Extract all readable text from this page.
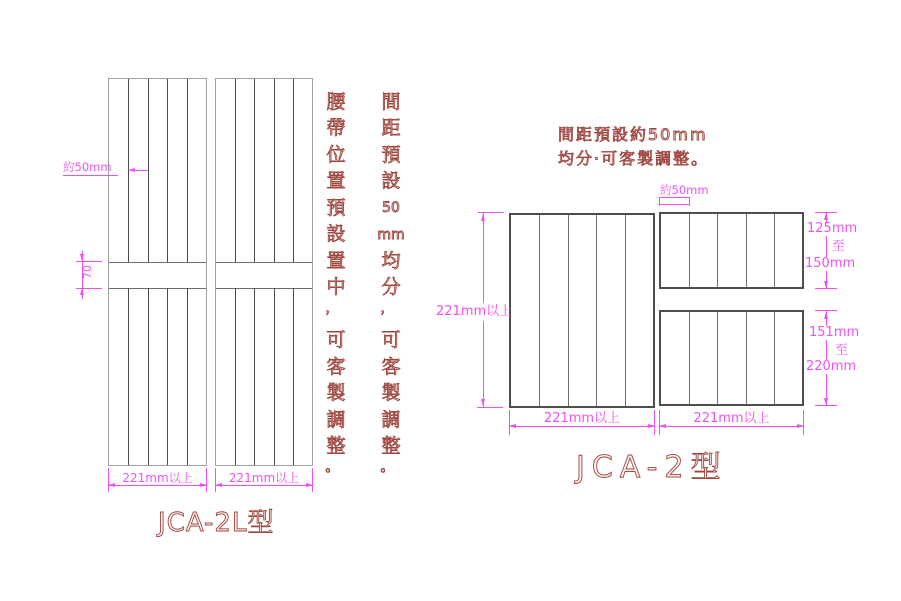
約50mm
70
221mm以上	221mm以上
JCA-2L型
腰
帶
位
置
預
設
置
中
，
可
客
製
調
整
。
間
距
預
設
50
mm
均
分
，
可
客
製
調
整
。
間距預設約50mm
均分·可客製調整。
約50mm
221mm以上
125mm
至
150mm
151mm
至
220mm
221mm以上	221mm以上
JCA-2型
